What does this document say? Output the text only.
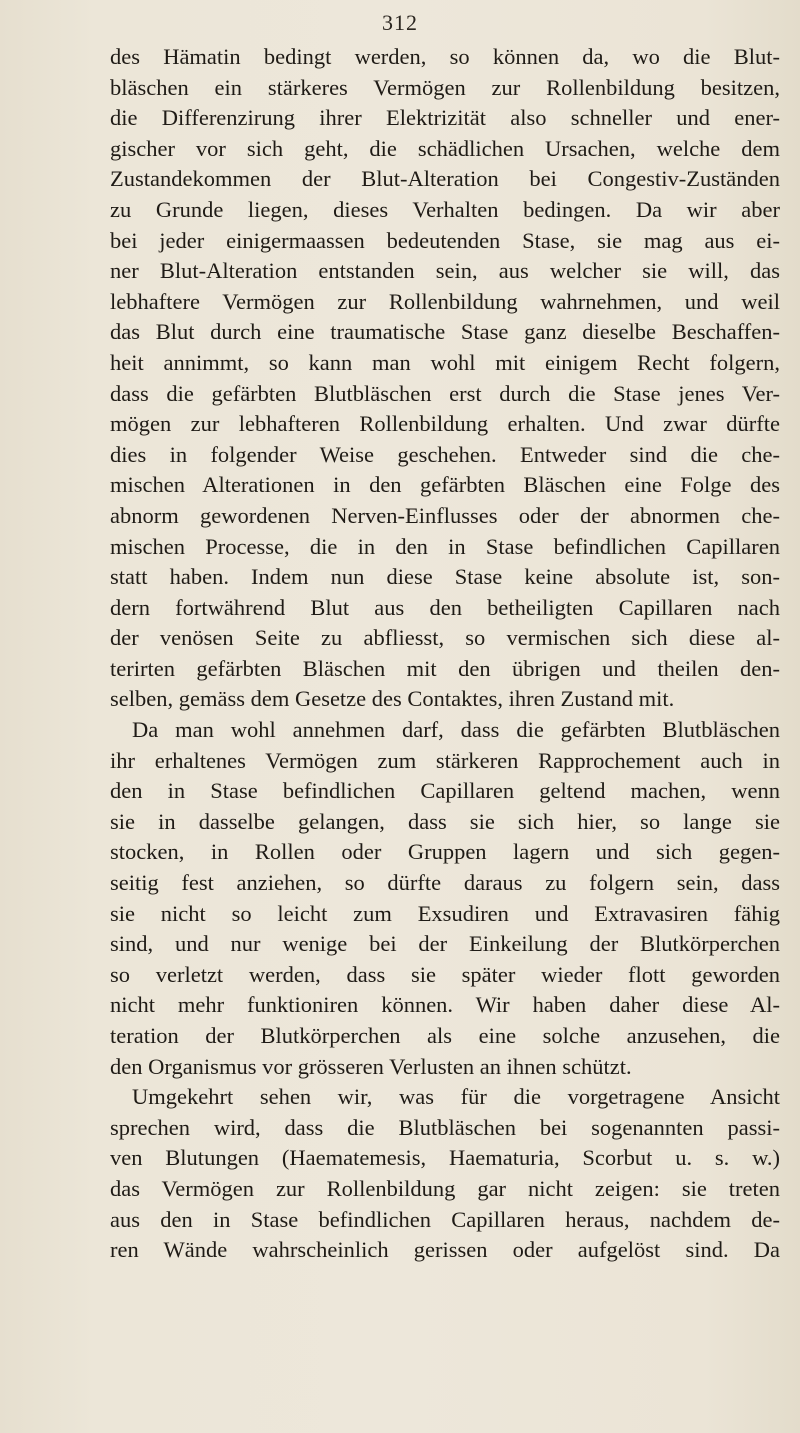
312
des Hämatin bedingt werden, so können da, wo die Blut-
bläschen ein stärkeres Vermögen zur Rollenbildung besitzen,
die Differenzirung ihrer Elektrizität also schneller und ener-
gischer vor sich geht, die schädlichen Ursachen, welche dem
Zustandekommen der Blut-Alteration bei Congestiv-Zuständen
zu Grunde liegen, dieses Verhalten bedingen. Da wir aber
bei jeder einigermaassen bedeutenden Stase, sie mag aus ei-
ner Blut-Alteration entstanden sein, aus welcher sie will, das
lebhaftere Vermögen zur Rollenbildung wahrnehmen, und weil
das Blut durch eine traumatische Stase ganz dieselbe Beschaffen-
heit annimmt, so kann man wohl mit einigem Recht folgern,
dass die gefärbten Blutbläschen erst durch die Stase jenes Ver-
mögen zur lebhafteren Rollenbildung erhalten. Und zwar dürfte
dies in folgender Weise geschehen. Entweder sind die che-
mischen Alterationen in den gefärbten Bläschen eine Folge des
abnorm gewordenen Nerven-Einflusses oder der abnormen che-
mischen Processe, die in den in Stase befindlichen Capillaren
statt haben. Indem nun diese Stase keine absolute ist, son-
dern fortwährend Blut aus den betheiligten Capillaren nach
der venösen Seite zu abfliesst, so vermischen sich diese al-
terirten gefärbten Bläschen mit den übrigen und theilen den-
selben, gemäss dem Gesetze des Contaktes, ihren Zustand mit.
Da man wohl annehmen darf, dass die gefärbten Blutbläschen
ihr erhaltenes Vermögen zum stärkeren Rapprochement auch in
den in Stase befindlichen Capillaren geltend machen, wenn
sie in dasselbe gelangen, dass sie sich hier, so lange sie
stocken, in Rollen oder Gruppen lagern und sich gegen-
seitig fest anziehen, so dürfte daraus zu folgern sein, dass
sie nicht so leicht zum Exsudiren und Extravasiren fähig
sind, und nur wenige bei der Einkeilung der Blutkörperchen
so verletzt werden, dass sie später wieder flott geworden
nicht mehr funktioniren können. Wir haben daher diese Al-
teration der Blutkörperchen als eine solche anzusehen, die
den Organismus vor grösseren Verlusten an ihnen schützt.
Umgekehrt sehen wir, was für die vorgetragene Ansicht
sprechen wird, dass die Blutbläschen bei sogenannten passi-
ven Blutungen (Haematemesis, Haematuria, Scorbut u. s. w.)
das Vermögen zur Rollenbildung gar nicht zeigen: sie treten
aus den in Stase befindlichen Capillaren heraus, nachdem de-
ren Wände wahrscheinlich gerissen oder aufgelöst sind. Da
